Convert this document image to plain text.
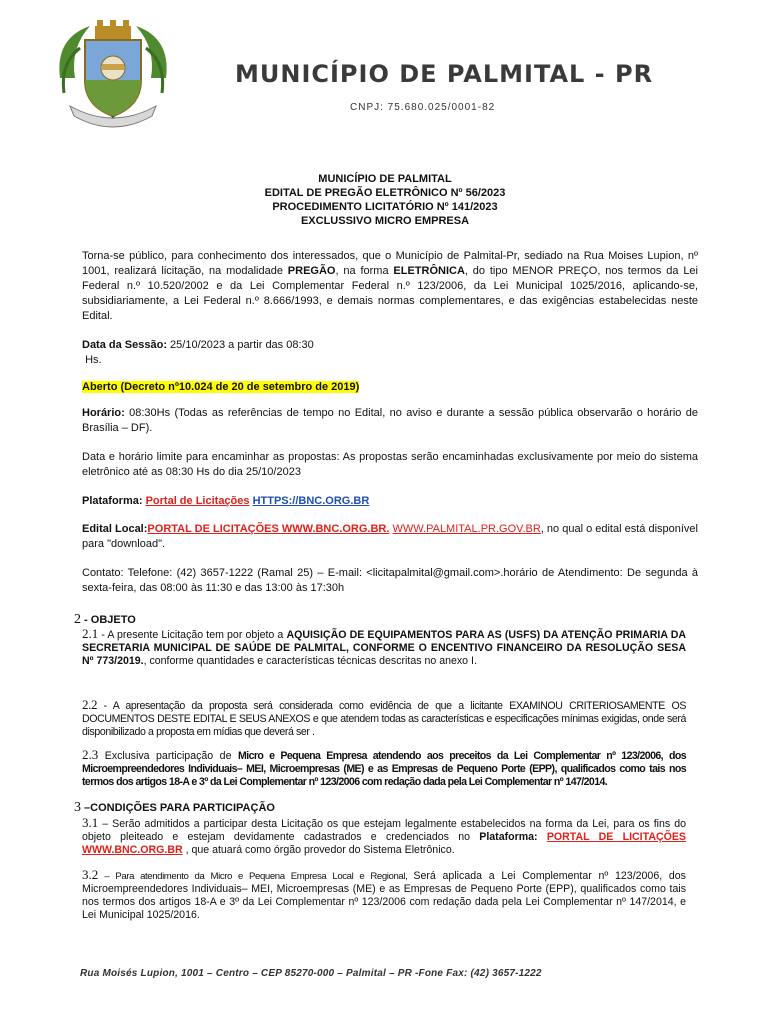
★
MUNICÍPIO DE PALMITAL - PR
CNPJ: 75.680.025/0001-82
MUNICÍPIO DE PALMITAL
EDITAL DE PREGÃO ELETRÔNICO Nº 56/2023
PROCEDIMENTO LICITATÓRIO Nº 141/2023
EXCLUSSIVO MICRO EMPRESA
Torna-se público, para conhecimento dos interessados, que o Município de Palmital-Pr, sediado na Rua Moises Lupion, nº 1001, realizará licitação, na modalidade PREGÃO, na forma ELETRÔNICA, do tipo MENOR PREÇO, nos termos da Lei Federal n.º 10.520/2002 e da Lei Complementar Federal n.º 123/2006, da Lei Municipal 1025/2016, aplicando-se, subsidiariamente, a Lei Federal n.º 8.666/1993, e demais normas complementares, e das exigências estabelecidas neste Edital.
Data da Sessão: 25/10/2023 a partir das 08:30
Hs.
Aberto (Decreto nº10.024 de 20 de setembro de 2019)
Horário: 08:30Hs (Todas as referências de tempo no Edital, no aviso e durante a sessão pública observarão o horário de Brasília – DF).
Data e horário limite para encaminhar as propostas: As propostas serão encaminhadas exclusivamente por meio do sistema eletrônico até as 08:30 Hs do dia 25/10/2023
Plataforma: Portal de Licitações HTTPS://BNC.ORG.BR
Edital Local:PORTAL DE LICITAÇÕES WWW.BNC.ORG.BR. WWW.PALMITAL.PR.GOV.BR, no qual o edital está disponível para "download".
Contato: Telefone: (42) 3657-1222 (Ramal 25) – E-mail: <licitapalmital@gmail.com>.horário de Atendimento: De segunda à sexta-feira, das 08:00 às 11:30 e das 13:00 às 17:30h
2 - OBJETO
2.1 - A presente Licitação tem por objeto a AQUISIÇÃO DE EQUIPAMENTOS PARA AS (USFS) DA ATENÇÃO PRIMARIA DA SECRETARIA MUNICIPAL DE SAÚDE DE PALMITAL, CONFORME O ENCENTIVO FINANCEIRO DA RESOLUÇÃO SESA Nº 773/2019., conforme quantidades e características técnicas descritas no anexo I.
2.2 - A apresentação da proposta será considerada como evidência de que a licitante EXAMINOU CRITERIOSAMENTE OS DOCUMENTOS DESTE EDITAL E SEUS ANEXOS e que atendem todas as características e especificações mínimas exigidas, onde será disponibilizado a proposta em mídias que deverá ser .
2.3 Exclusiva participação de Micro e Pequena Empresa atendendo aos preceitos da Lei Complementar nº 123/2006, dos Microempreendedores Individuais– MEI, Microempresas (ME) e as Empresas de Pequeno Porte (EPP), qualificados como tais nos termos dos artigos 18-A e 3º da Lei Complementar nº 123/2006 com redação dada pela Lei Complementar nº 147/2014.
3 –CONDIÇÕES PARA PARTICIPAÇÃO
3.1 – Serão admitidos a participar desta Licitação os que estejam legalmente estabelecidos na forma da Lei, para os fins do objeto pleiteado e estejam devidamente cadastrados e credenciados no Plataforma: PORTAL DE LICITAÇÕES WWW.BNC.ORG.BR , que atuará como órgão provedor do Sistema Eletrônico.
3.2 – Para atendimento da Micro e Pequena Empresa Local e Regional, Será aplicada a Lei Complementar nº 123/2006, dos Microempreendedores Individuais– MEI, Microempresas (ME) e as Empresas de Pequeno Porte (EPP), qualificados como tais nos termos dos artigos 18-A e 3º da Lei Complementar nº 123/2006 com redação dada pela Lei Complementar nº 147/2014, e Lei Municipal 1025/2016.
Rua Moisés Lupion, 1001 – Centro – CEP 85270-000 – Palmital – PR -Fone Fax: (42) 3657-1222
